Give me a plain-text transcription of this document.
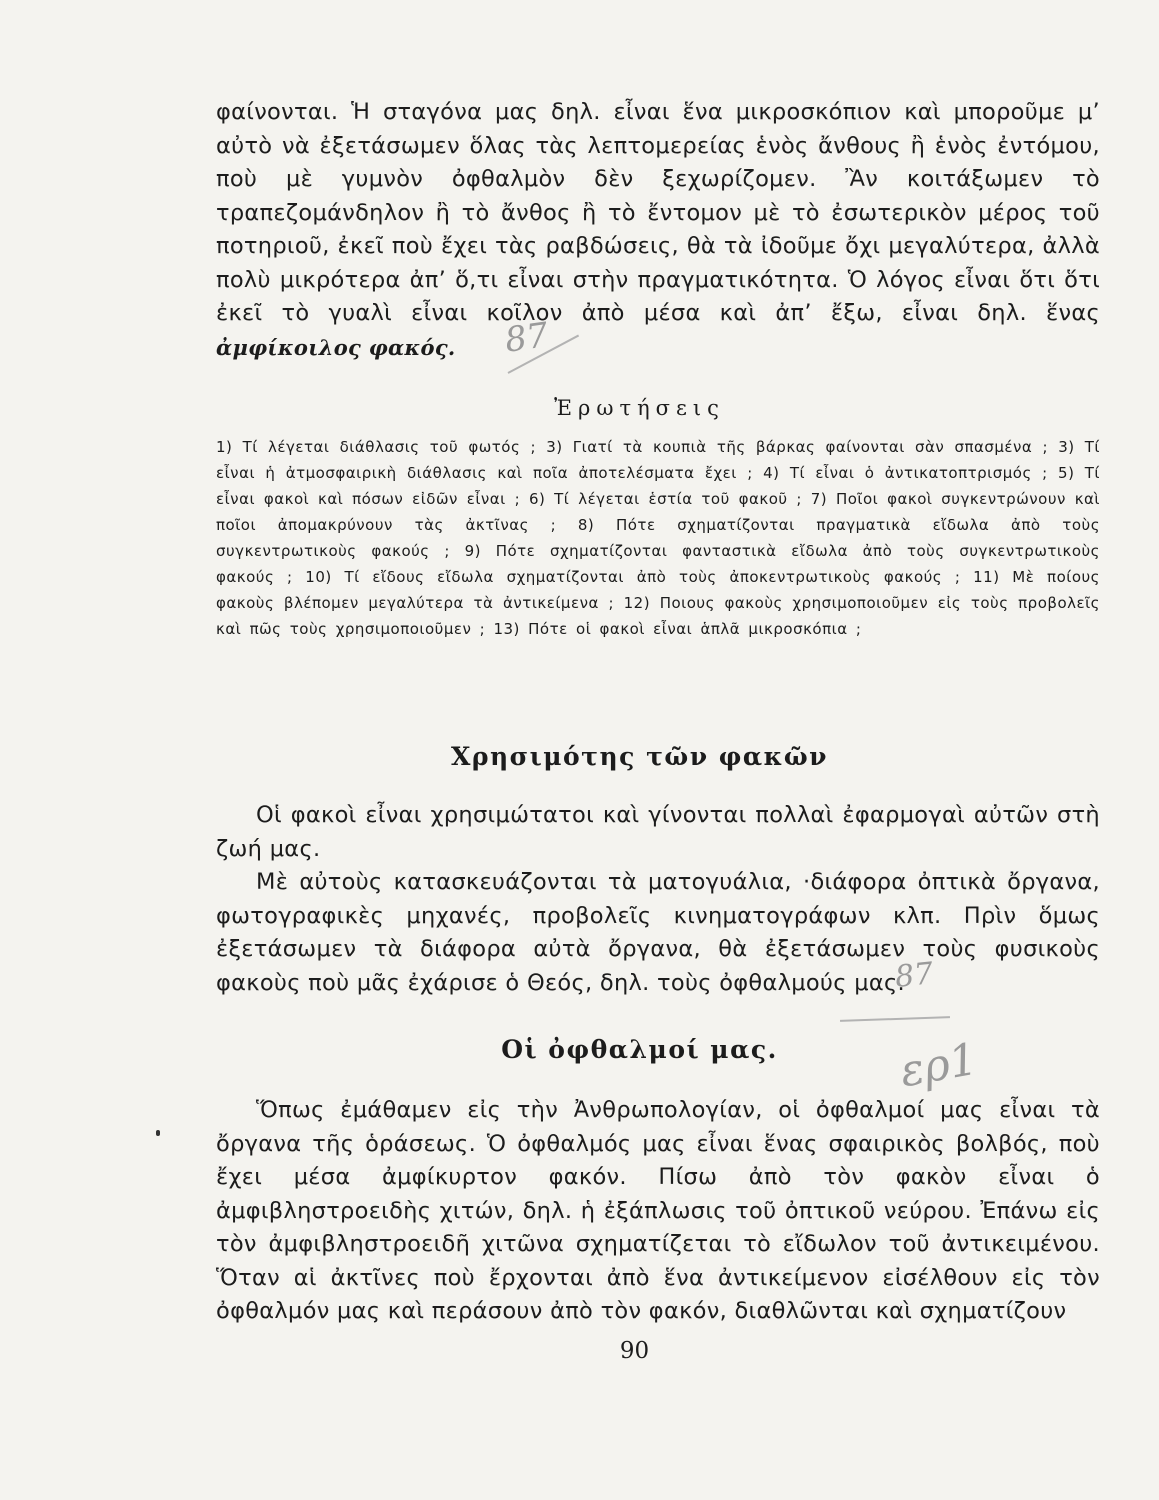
φαίνονται. Ἡ σταγόνα μας δηλ. εἶναι ἕνα μικροσκόπιον καὶ μποροῦμε μ’ αὐτὸ νὰ ἐξετάσωμεν ὅλας τὰς λεπτομερείας ἑνὸς ἄνθους ἢ ἑνὸς ἐντόμου, ποὺ μὲ γυμνὸν ὀφθαλμὸν δὲν ξεχωρίζομεν. Ἂν κοιτάξωμεν τὸ τραπεζομάνδηλον ἢ τὸ ἄνθος ἢ τὸ ἔντομον μὲ τὸ ἐσωτερικὸν μέρος τοῦ ποτηριοῦ, ἐκεῖ ποὺ ἔχει τὰς ραβδώσεις, θὰ τὰ ἰδοῦμε ὄχι μεγαλύτερα, ἀλλὰ πολὺ μικρότερα ἀπ’ ὅ,τι εἶναι στὴν πραγματικότητα. Ὁ λόγος εἶναι ὅτι ὅτι ἐκεῖ τὸ γυαλὶ εἶναι κοῖλον ἀπὸ μέσα καὶ ἀπ’ ἔξω, εἶναι δηλ. ἕνας ἀμφίκοιλος φακός.	87
Ἐρωτήσεις
1) Τί λέγεται διάθλασις τοῦ φωτός ; 3) Γιατί τὰ κουπιὰ τῆς βάρκας φαίνονται σὰν σπασμένα ; 3) Τί εἶναι ἡ ἀτμοσφαιρικὴ διάθλασις καὶ ποῖα ἀποτελέσματα ἔχει ; 4) Τί εἶναι ὁ ἀντικατοπτρισμός ; 5) Τί εἶναι φακοὶ καὶ πόσων εἰδῶν εἶναι ; 6) Τί λέγεται ἑστία τοῦ φακοῦ ; 7) Ποῖοι φακοὶ συγκεντρώνουν καὶ ποῖοι ἀπομακρύνουν τὰς ἀκτῖνας ; 8) Πότε σχηματίζονται πραγματικὰ εἴδωλα ἀπὸ τοὺς συγκεντρωτικοὺς φακούς ; 9) Πότε σχηματίζονται φανταστικὰ εἴδωλα ἀπὸ τοὺς συγκεντρωτικοὺς φακούς ; 10) Τί εἴδους εἴδωλα σχηματίζονται ἀπὸ τοὺς ἀποκεντρωτικοὺς φακούς ; 11) Μὲ ποίους φακοὺς βλέπομεν μεγαλύτερα τὰ ἀντικείμενα ; 12) Ποιους φακοὺς χρησιμοποιοῦμεν εἰς τοὺς προβολεῖς καὶ πῶς τοὺς χρησιμοποιοῦμεν ; 13) Πότε οἱ φακοὶ εἶναι ἁπλᾶ μικροσκόπια ;
Χρησιμότης τῶν φακῶν

Οἱ φακοὶ εἶναι χρησιμώτατοι καὶ γίνονται πολλαὶ ἐφαρμογαὶ αὐτῶν στὴ ζωή μας.

Μὲ αὐτοὺς κατασκευάζονται τὰ ματογυάλια, ·διάφορα ὀπτικὰ ὄργανα, φωτογραφικὲς μηχανές, προβολεῖς κινηματογράφων κλπ. Πρὶν ὅμως ἐξετάσωμεν τὰ διάφορα αὐτὰ ὄργανα, θὰ ἐξετάσωμεν τοὺς φυσικοὺς φακοὺς ποὺ μᾶς ἐχάρισε ὁ Θεός, δηλ. τοὺς ὀφθαλμούς μας.

87
ερ1
Οἱ ὀφθαλμοί μας.

Ὅπως ἐμάθαμεν εἰς τὴν Ἀνθρωπολογίαν, οἱ ὀφθαλμοί μας εἶναι τὰ ὄργανα τῆς ὁράσεως. Ὁ ὀφθαλμός μας εἶναι ἕνας σφαιρικὸς βολβός, ποὺ ἔχει μέσα ἀμφίκυρτον φακόν. Πίσω ἀπὸ τὸν φακὸν εἶναι ὁ ἀμφιβληστροειδὴς χιτών, δηλ. ἡ ἐξάπλωσις τοῦ ὀπτικοῦ νεύρου. Ἐπάνω εἰς τὸν ἀμφιβληστροειδῆ χιτῶνα σχηματίζεται τὸ εἴδωλον τοῦ ἀντικειμένου. Ὅταν αἱ ἀκτῖνες ποὺ ἔρχονται ἀπὸ ἕνα ἀντικείμενον εἰσέλθουν εἰς τὸν ὀφθαλμόν μας καὶ περάσουν ἀπὸ τὸν φακόν, διαθλῶνται καὶ σχηματίζουν

90
